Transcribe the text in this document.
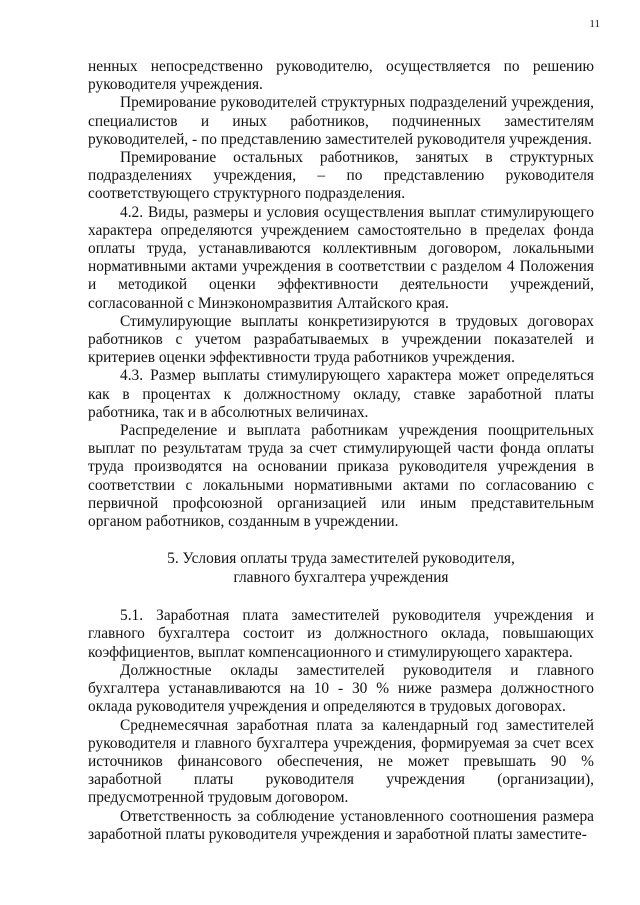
11

ненных непосредственно руководителю, осуществляется по решению руководителя учреждения.

Премирование руководителей структурных подразделений учреждения, специалистов и иных работников, подчиненных заместителям руководителей, - по представлению заместителей руководителя учреждения.

Премирование остальных работников, занятых в структурных подразделениях учреждения, – по представлению руководителя соответствующего структурного подразделения.

4.2. Виды, размеры и условия осуществления выплат стимулирующего характера определяются учреждением самостоятельно в пределах фонда оплаты труда, устанавливаются коллективным договором, локальными нормативными актами учреждения в соответствии с разделом 4 Положения и методикой оценки эффективности деятельности учреждений, согласованной с Минэкономразвития Алтайского края.

Стимулирующие выплаты конкретизируются в трудовых договорах работников с учетом разрабатываемых в учреждении показателей и критериев оценки эффективности труда работников учреждения.

4.3. Размер выплаты стимулирующего характера может определяться как в процентах к должностному окладу, ставке заработной платы работника, так и в абсолютных величинах.

Распределение и выплата работникам учреждения поощрительных выплат по результатам труда за счет стимулирующей части фонда оплаты труда производятся на основании приказа руководителя учреждения в соответствии с локальными нормативными актами по согласованию с первичной профсоюзной организацией или иным представительным органом работников, созданным в учреждении.

5. Условия оплаты труда заместителей руководителя,
главного бухгалтера учреждения

5.1. Заработная плата заместителей руководителя учреждения и главного бухгалтера состоит из должностного оклада, повышающих коэффициентов, выплат компенсационного и стимулирующего характера.

Должностные оклады заместителей руководителя и главного бухгалтера устанавливаются на 10 - 30 % ниже размера должностного оклада руководителя учреждения и определяются в трудовых договорах.

Среднемесячная заработная плата за календарный год заместителей руководителя и главного бухгалтера учреждения, формируемая за счет всех источников финансового обеспечения, не может превышать 90 % заработной платы руководителя учреждения (организации), предусмотренной трудовым договором.

Ответственность за соблюдение установленного соотношения размера заработной платы руководителя учреждения и заработной платы заместите-
